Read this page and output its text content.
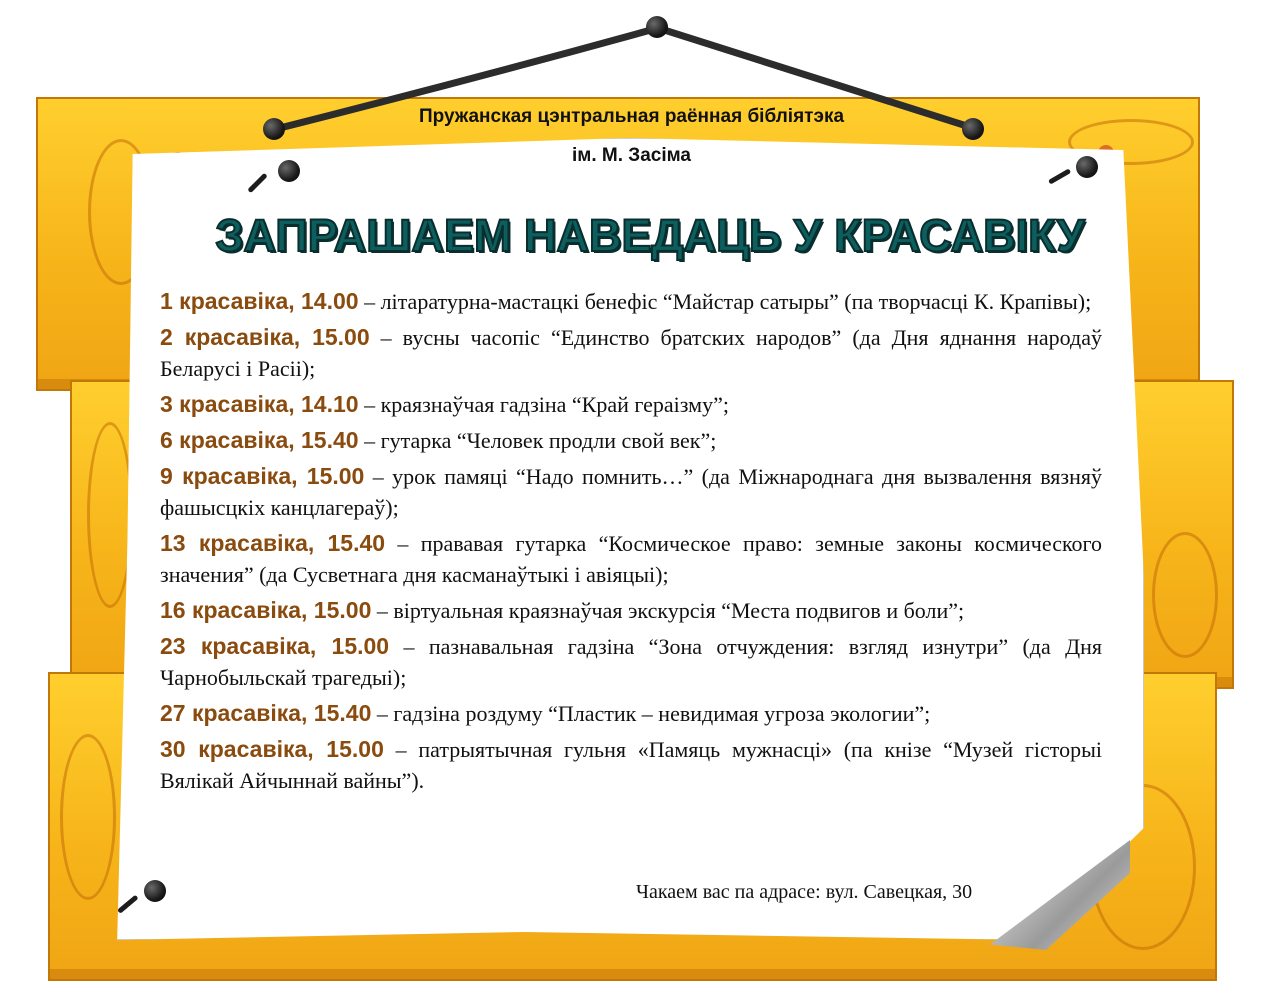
Пружанская цэнтральная раённая бібліятэка
ім. М. Засіма
ЗАПРАШАЕМ НАВЕДАЦЬ У КРАСАВІКУ
1 красавіка, 14.00 – літаратурна-мастацкі бенефіс “Майстар сатыры” (па творчасці К. Крапівы);
2 красавіка, 15.00 – вусны часопіс “Единство братских народов” (да Дня яднання народаў Беларусі і Расіі);
3 красавіка, 14.10 – краязнаўчая гадзіна “Край гераізму”;
6 красавіка, 15.40 – гутарка “Человек продли свой век”;
9 красавіка, 15.00 – урок памяці “Надо помнить…” (да Міжнароднага дня вызвалення вязняў фашысцкіх канцлагераў);
13 красавіка, 15.40 – прававая гутарка “Космическое право: земные законы космического значения” (да Сусветнага дня касманаўтыкі і авіяцыі);
16 красавіка, 15.00 – віртуальная краязнаўчая экскурсія “Места подвигов и боли”;
23 красавіка, 15.00 – пазнавальная гадзіна “Зона отчуждения: взгляд изнутри” (да Дня Чарнобыльскай трагедыі);
27 красавіка, 15.40 – гадзіна роздуму “Пластик – невидимая угроза экологии”;
30 красавіка, 15.00 – патрыятычная гульня «Памяць мужнасці» (па кнізе “Музей гісторыі Вялікай Айчыннай вайны”).
Чакаем вас па адрасе: вул. Савецкая, 30
